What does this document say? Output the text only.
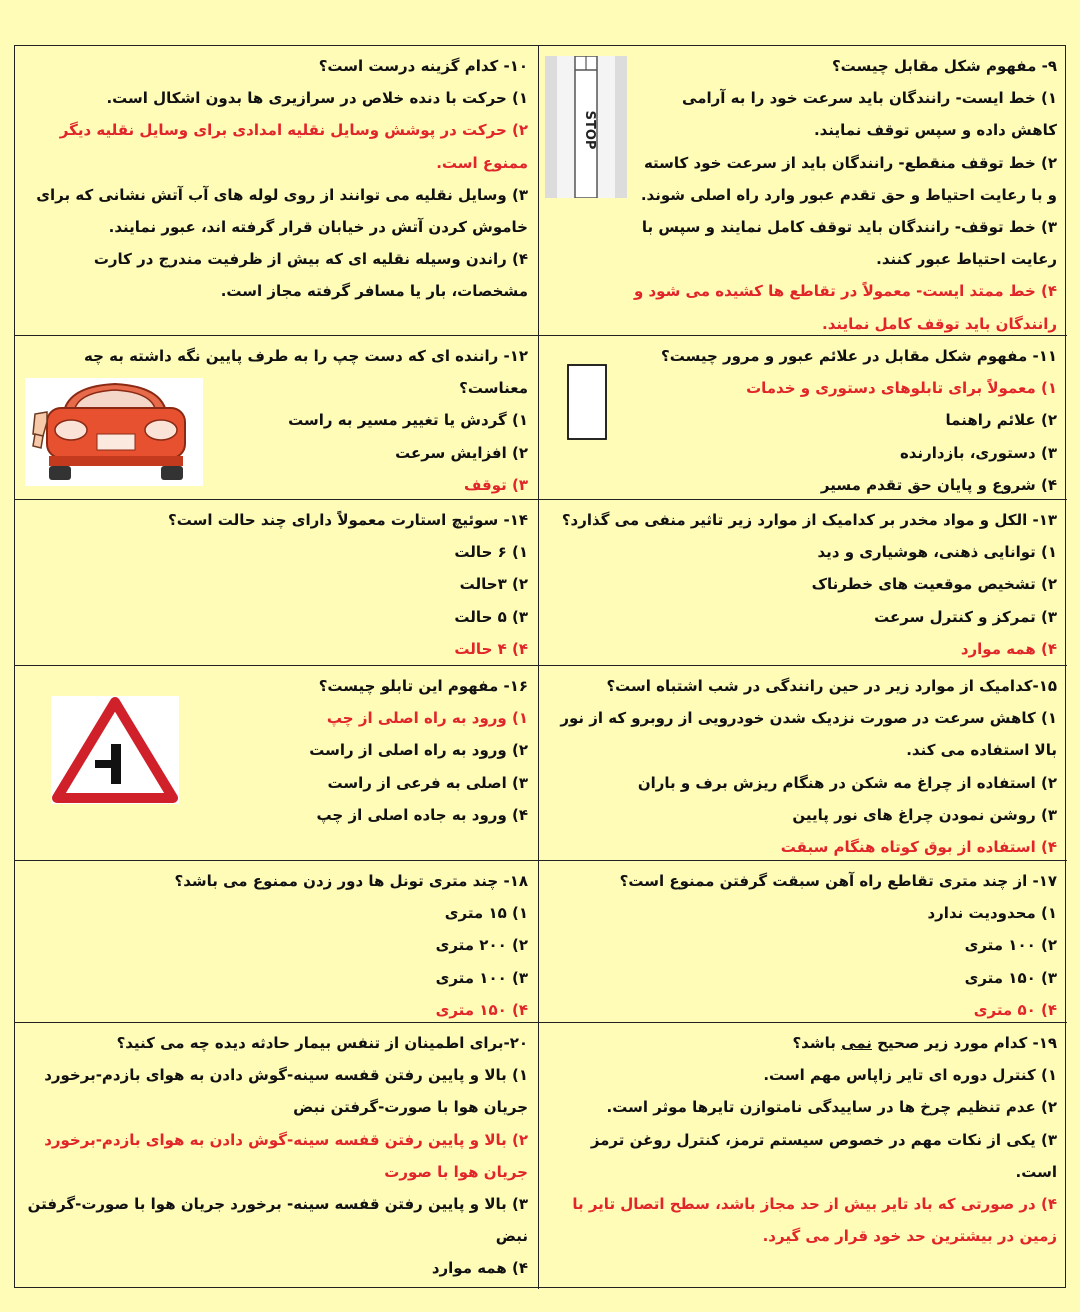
۱۰- کدام گزینه درست است؟
۱) حرکت با دنده خلاص در سرازیری ها بدون اشکال است.
۲) حرکت در پوشش وسایل نقلیه امدادی برای وسایل نقلیه دیگر ممنوع است.
۳) وسایل نقلیه می توانند از روی لوله های آب آتش نشانی که برای خاموش کردن آتش در خیابان قرار گرفته اند، عبور نمایند.
۴) راندن وسیله نقلیه ای که بیش از ظرفیت مندرج در کارت مشخصات، بار یا مسافر گرفته مجاز است.
۹- مفهوم شکل مقابل چیست؟
۱) خط ایست- رانندگان باید سرعت خود را به آرامی کاهش داده و سپس توقف نمایند.
۲) خط توقف منقطع- رانندگان باید از سرعت خود کاسته و با رعایت احتیاط و حق تقدم عبور وارد راه اصلی شوند.
۳) خط توقف- رانندگان باید توقف کامل نمایند و سپس با رعایت احتیاط عبور کنند.
۴) خط ممتد ایست- معمولاً در تقاطع ها کشیده می شود و رانندگان باید توقف کامل نمایند.
STOP
۱۲- راننده ای که دست چپ را به طرف پایین نگه داشته به چه معناست؟
۱) گردش یا تغییر مسیر به راست
۲) افزایش سرعت
۳) توقف
۱۱- مفهوم شکل مقابل در علائم عبور و مرور چیست؟
۱) معمولاً برای تابلوهای دستوری و خدمات
۲) علائم راهنما
۳) دستوری، بازدارنده
۴) شروع و پایان حق تقدم مسیر
۱۴- سوئیچ استارت معمولاً دارای چند حالت است؟
۱) ۶ حالت
۲) ۳حالت
۳) ۵ حالت
۴) ۴ حالت
۱۳- الکل و مواد مخدر بر کدامیک از موارد زیر تاثیر منفی می گذارد؟
۱) توانایی ذهنی، هوشیاری و دید
۲) تشخیص موقعیت های خطرناک
۳) تمرکز و کنترل سرعت
۴) همه موارد
۱۶- مفهوم این تابلو چیست؟
۱) ورود به راه اصلی از چپ
۲) ورود به راه اصلی از راست
۳) اصلی به فرعی از راست
۴) ورود به جاده اصلی از چپ
۱۵-کدامیک از موارد زیر در حین رانندگی در شب اشتباه است؟
۱) کاهش سرعت در صورت نزدیک شدن خودرویی از روبرو که از نور بالا استفاده می کند.
۲) استفاده از چراغ مه شکن در هنگام ریزش برف و باران
۳) روشن نمودن چراغ های نور پایین
۴) استفاده از بوق کوتاه هنگام سبقت
۱۸- چند متری تونل ها دور زدن ممنوع می باشد؟
۱) ۱۵ متری
۲) ۲۰۰ متری
۳) ۱۰۰ متری
۴) ۱۵۰ متری
۱۷- از چند متری تقاطع راه آهن سبقت گرفتن ممنوع است؟
۱) محدودیت ندارد
۲) ۱۰۰ متری
۳) ۱۵۰ متری
۴) ۵۰ متری
۲۰-برای اطمینان از تنفس بیمار حادثه دیده چه می کنید؟
۱) بالا و پایین رفتن قفسه سینه-گوش دادن به هوای بازدم-برخورد جریان هوا با صورت-گرفتن نبض
۲) بالا و پایین رفتن قفسه سینه-گوش دادن به هوای بازدم-برخورد جریان هوا با صورت
۳) بالا و پایین رفتن قفسه سینه- برخورد جریان هوا با صورت-گرفتن نبض
۴) همه موارد
۱۹- کدام مورد زیر صحیح نمی باشد؟
۱) کنترل دوره ای تایر زاپاس مهم است.
۲) عدم تنظیم چرخ ها در ساییدگی نامتوازن تایرها موثر است.
۳) یکی از نکات مهم در خصوص سیستم ترمز، کنترل روغن ترمز است.
۴) در صورتی که باد تایر بیش از حد مجاز باشد، سطح اتصال تایر با زمین در بیشترین حد خود قرار می گیرد.
